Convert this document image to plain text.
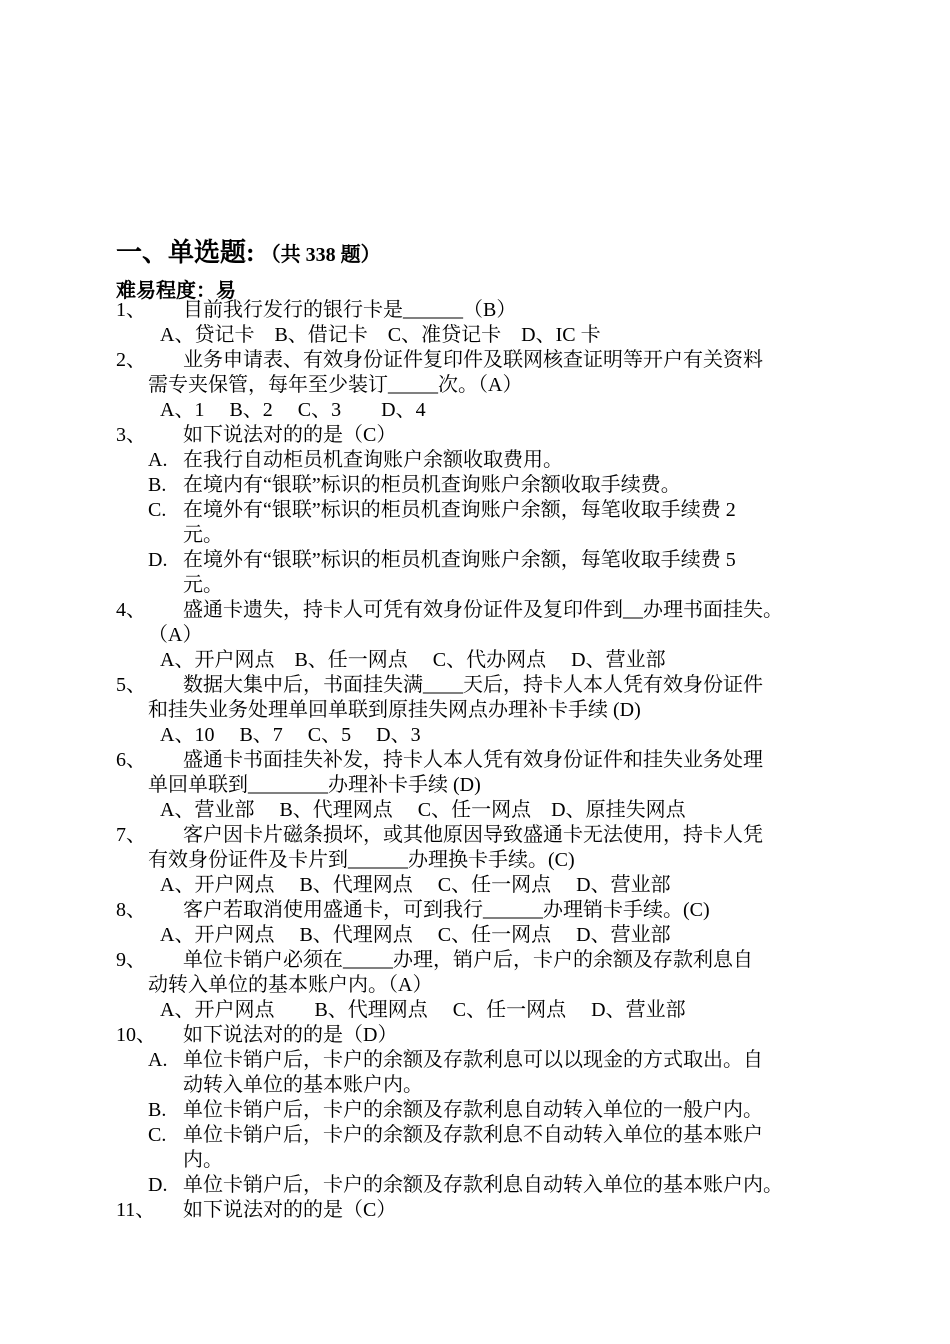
一、单选题: （共 338 题）
难易程度：易
1、 目前我行发行的银行卡是______（B）
A、贷记卡　B、借记卡　C、准贷记卡　D、IC 卡
2、 业务申请表、有效身份证件复印件及联网核查证明等开户有关资料
需专夹保管，每年至少装订_____次。（A）
A、1　 B、2　 C、3　　D、4
3、 如下说法对的的是（C）
A. 在我行自动柜员机查询账户余额收取费用。
B. 在境内有“银联”标识的柜员机查询账户余额收取手续费。
C. 在境外有“银联”标识的柜员机查询账户余额，每笔收取手续费 2
元。
D. 在境外有“银联”标识的柜员机查询账户余额，每笔收取手续费 5
元。
4、 盛通卡遗失，持卡人可凭有效身份证件及复印件到__办理书面挂失。
（A）
A、开户网点　B、任一网点　 C、代办网点　 D、营业部
5、 数据大集中后，书面挂失满____天后，持卡人本人凭有效身份证件
和挂失业务处理单回单联到原挂失网点办理补卡手续 (D)
A、10　 B、7　 C、5　 D、3
6、 盛通卡书面挂失补发，持卡人本人凭有效身份证件和挂失业务处理
单回单联到________办理补卡手续 (D)
A、营业部　 B、代理网点　 C、任一网点　D、原挂失网点
7、 客户因卡片磁条损坏，或其他原因导致盛通卡无法使用，持卡人凭
有效身份证件及卡片到______办理换卡手续。(C)
A、开户网点　 B、代理网点　 C、任一网点　 D、营业部
8、 客户若取消使用盛通卡，可到我行______办理销卡手续。(C)
A、开户网点　 B、代理网点　 C、任一网点　 D、营业部
9、 单位卡销户必须在_____办理，销户后，卡户的余额及存款利息自
动转入单位的基本账户内。（A）
A、开户网点　　B、代理网点　 C、任一网点　 D、营业部
10、 如下说法对的的是（D）
A. 单位卡销户后，卡户的余额及存款利息可以以现金的方式取出。自
动转入单位的基本账户内。
B. 单位卡销户后，卡户的余额及存款利息自动转入单位的一般户内。
C. 单位卡销户后，卡户的余额及存款利息不自动转入单位的基本账户
内。
D. 单位卡销户后，卡户的余额及存款利息自动转入单位的基本账户内。
11、 如下说法对的的是（C）
